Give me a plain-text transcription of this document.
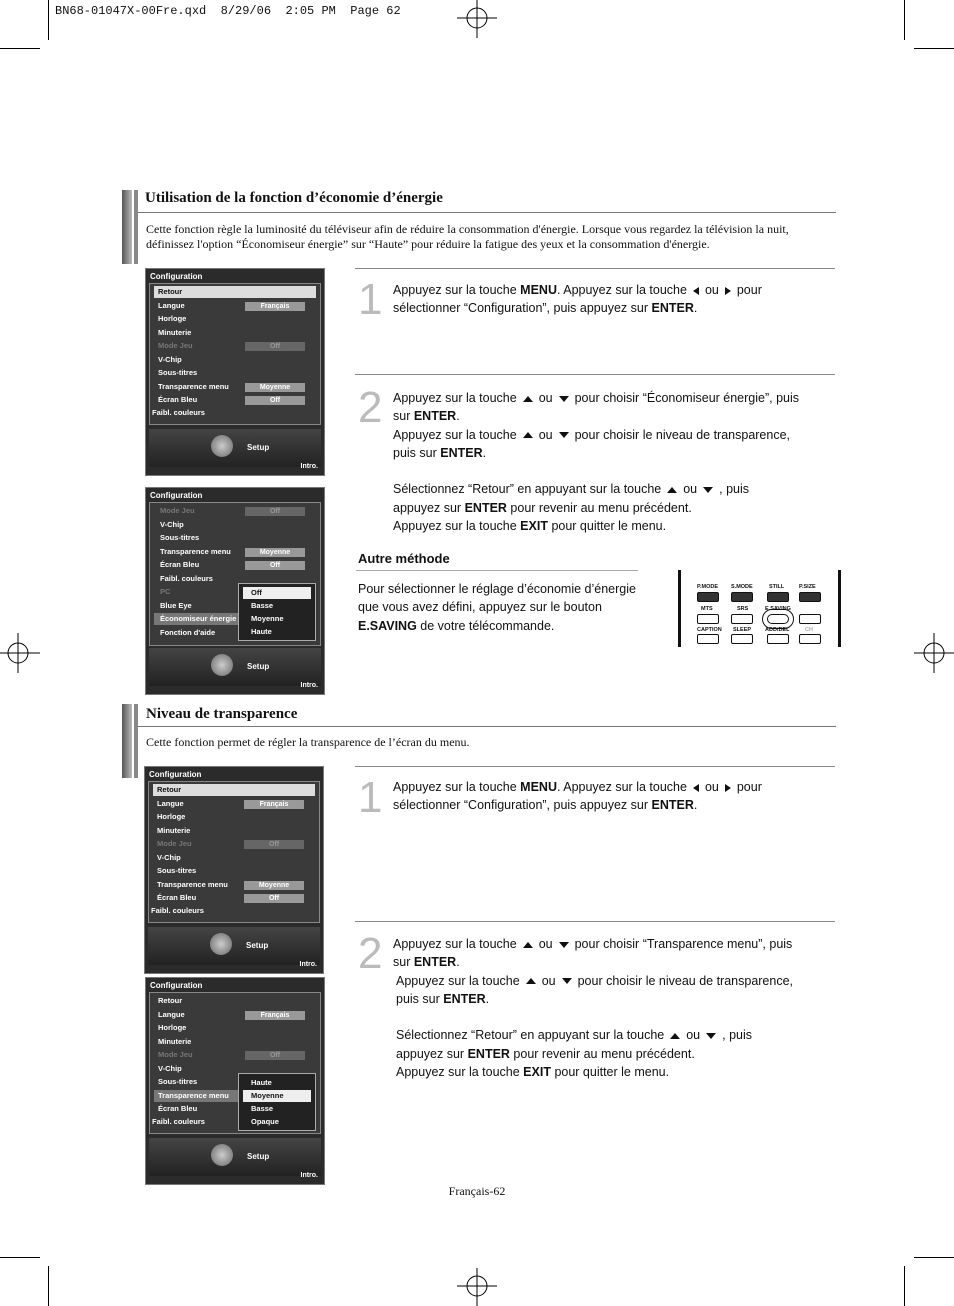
BN68-01047X-00Fre.qxd  8/29/06  2:05 PM  Page 62
Utilisation de la fonction d’économie d’énergie
Cette fonction règle la luminosité du téléviseur afin de réduire la consommation d'énergie. Lorsque vous regardez la télévision la nuit, définissez l'option “Économiseur énergie” sur “Haute” pour réduire la fatigue des yeux et la consommation d'énergie.
Configuration
Retour
Langue
Horloge
Minuterie
Mode Jeu
V-Chip
Sous-titres
Transparence menu
Écran Bleu
Faibl. couleurs
Français
Off
Moyenne
Off
Setup
Intro.
Configuration
Mode Jeu
V-Chip
Sous-titres
Transparence menu
Écran Bleu
Faibl. couleurs
PC
Blue Eye
Économiseur énergie
Fonction d'aide
Off
Moyenne
Off
Off
Basse
Moyenne
Haute
Setup
Intro.
1 Appuyez sur la touche MENU. Appuyez sur la touche ou pour
sélectionner “Configuration”, puis appuyez sur ENTER.
2 Appuyez sur la touche ou pour choisir “Économiseur énergie”, puis
sur ENTER.
Appuyez sur la touche ou pour choisir le niveau de transparence,
puis sur ENTER.

Sélectionnez “Retour” en appuyant sur la touche ou , puis
appuyez sur ENTER pour revenir au menu précédent.
Appuyez sur la touche EXIT pour quitter le menu.
Autre méthode
Pour sélectionner le réglage d’économie d’énergie
que vous avez défini, appuyez sur le bouton
E.SAVING de votre télécommande.
P.MODE S.MODE	STILL	P.SIZE
MTS	SRS	E.SAVING
CAPTION SLEEP	ADD/DEL	CH
Niveau de transparence
Cette fonction permet de régler la transparence de l’écran du menu.
Configuration
Retour
Langue
Horloge
Minuterie
Mode Jeu
V-Chip
Sous-titres
Transparence menu
Écran Bleu
Faibl. couleurs
Français
Off
Moyenne
Off
Setup
Intro.
Configuration
Retour
Langue
Horloge
Minuterie
Mode Jeu
V-Chip
Sous-titres
Transparence menu
Écran Bleu
Faibl. couleurs
Français
Off
Haute
Moyenne
Basse
Opaque
Setup
Intro.
1 Appuyez sur la touche MENU. Appuyez sur la touche ou pour
sélectionner “Configuration”, puis appuyez sur ENTER.
2 Appuyez sur la touche ou pour choisir “Transparence menu”, puis
sur ENTER.
Appuyez sur la touche ou pour choisir le niveau de transparence,
puis sur ENTER.

Sélectionnez “Retour” en appuyant sur la touche ou , puis
appuyez sur ENTER pour revenir au menu précédent.
Appuyez sur la touche EXIT pour quitter le menu.
Français-62
